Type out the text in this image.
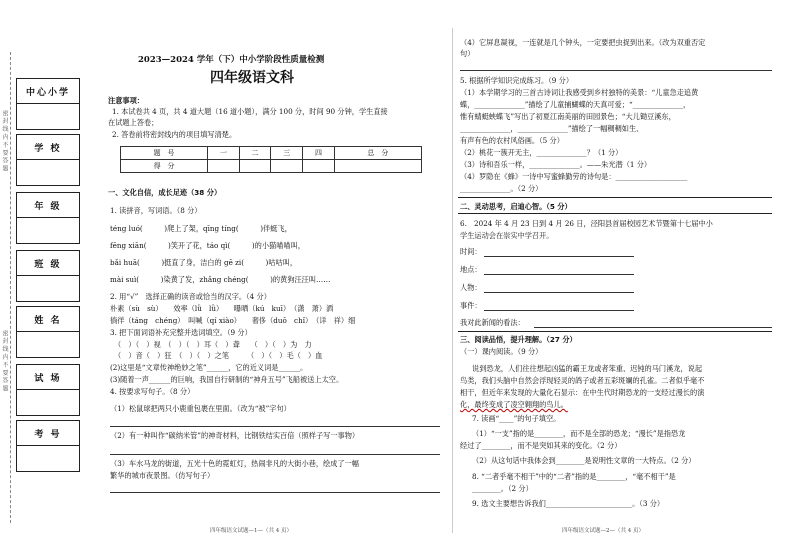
密 封 线 内 不 要 答 题
密 封 线 内 不 要 答 题
中心小学
学 校
年 级
班 级
姓 名
试 场
考 号
2023—2024 学年（下）中小学阶段性质量检测
四年级语文科
注意事项：
1. 本试卷共 4 页，共 4 道大题（16 道小题），满分 100 分，时间 90 分钟，学生直接
在试题上答卷；
2. 答卷前将密封线内的项目填写清楚。
题　号	一	二	三	四	总　分
得　分					
一、文化自信，成长足迹（38 分）
1. 读拼音，写词语。（8 分）
téng luó(　　　)爬上了架，qīng tíng(　　　)伴蜓飞，
fēng xiān(　　　)笑开了花，táo qì(　　　)的小猫喵喵叫，
bǎi huā(　　　)挺直了身，洁白的 gē zi(　　　)咕咕叫，
mài suì(　　　)染黄了发，zhǎng chéng(　　　)的黄狗汪汪叫……
2. 用“√”　选择正确的读音或恰当的汉字。（4 分）
朴素（sù　sù）　　效率（lǜ　lǜ）　　曝晒（kú　kuī）　（潇　萧）洒
徜徉（táng　chéng）　叫喊（qí xiào）　　奢侈（duō　chǐ）　（详　祥）细
3. 把下面词语补充完整并选词填空。（9 分）
（　）（　）视　（　）（　）耳（　）聋　　（　）（　）为　力
（　）音（　）狂　（　）（　）之笔　　　（　）（　）毛（　）血
(2)这里是“文章传神绝妙之笔”______，它的近义词是______。
(3)随着一声______的巨响，我国自行研制的“神舟五号”飞船被送上太空。
4. 按要求写句子。（8 分）
（1）松鼠球把两只小鹿重包裹在里面。（改为“被”字句）
（2）有一种叫作“碳纳米管”的神奇材料，比钢铁结实百倍（照样子写一事物）
（3）车水马龙的街道，五光十色的霓虹灯，热闹非凡的大街小巷，绘成了一幅
繁华的城市夜景图。（仿写句子）
四年级语文试题—1—（共 4 页）
（4）它屏息凝视，一连就是几个钟头，一定要把虫捉到出来。（改为双重否定
句）
5. 根据所学知识完成练习。（9 分）
（1）本学期学习的三首古诗词让我感受到乡村独特的美景：“儿童急走追黄
蝶，______________”描绘了儿童捕蝴蝶的天真可爱；“______________，
惟有蜻蜓蛱蝶飞”写出了初夏江南美丽的田园景色；“大儿锄豆溪东，
______________，______________”描绘了一幅稠稠如生、
有声有色的农村风俗画。（5 分）
（2）桃花一簇开无主，______________？（1 分）
（3）诗和吾乐一样，______________。——朱光潜（1 分）
（4）罗隐在《蜂》一诗中写蜜蜂勤劳的诗句是：____________________
______________。（2 分）
二、灵动思考，启迪心智。（5 分）
6.　2024 年 4 月 23 日到 4 月 26 日，泾阳县首届校园艺术节暨第十七届中小
学生运动会在崇实中学召开。
时间：
地点：
人物：
事件：
我对此新闻的看法：
三、阅读品悟，提升理解。（27 分）
（一）课内阅读。（9 分）
说到恐龙，人们往往想起凶猛的霸王龙或者笨重、迟钝的马门溪龙，说起
鸟类，我们头脑中自然会浮现轻灵的鸽子或者五彩斑斓的孔雀。二者似乎毫不
相干，但近年来发现的大量化石显示：在中生代时期恐龙的一支经过漫长的演
化，最终变成了凌空翱翔的鸟儿。
7. 读画“____”的句子填空。
（1）“一支”指的是________，而不是全部的恐龙；“漫长”是指恐龙
经过了________，而不是突如其来的变化。（2 分）
（2）从这句话中我体会到________是说明性文章的一大特点。（2 分）
8. “二者乎毫不相干”中的“二者”指的是________，“毫不相干”是
________。（2 分）
9. 选文主要想告诉我们________________________。（3 分）
四年级语文试题—2—（共 4 页）
